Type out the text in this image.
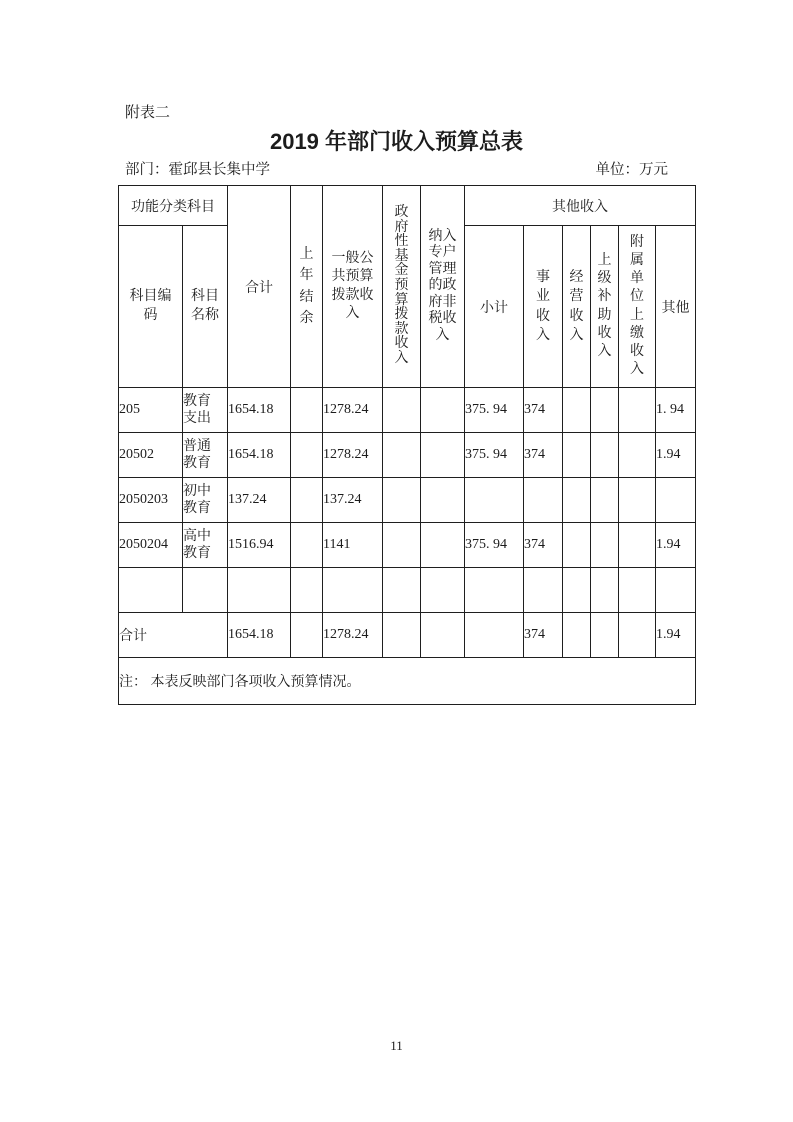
附表二
2019 年部门收入预算总表
部门：霍邱县长集中学	单位：万元
功能分类科目		合计	上年结余	一般公共预算拨款收入	政府性基金预算拨款收入	纳入专户管理的政府非税收入	其他收入					
科目编码	科目名称						小计	事业收入	经营收入	上级补助收入	附属单位上缴收入	其他
205	教育支出	1654.18		1278.24			375. 94	374				1. 94
20502	普通教育	1654.18		1278.24			375. 94	374				1.94
2050203	初中教育	137.24		137.24								
2050204	高中教育	1516.94		1141			375. 94	374				1.94

合计		1654.18		1278.24				374				1.94
注： 本表反映部门各项收入预算情况。												
11
